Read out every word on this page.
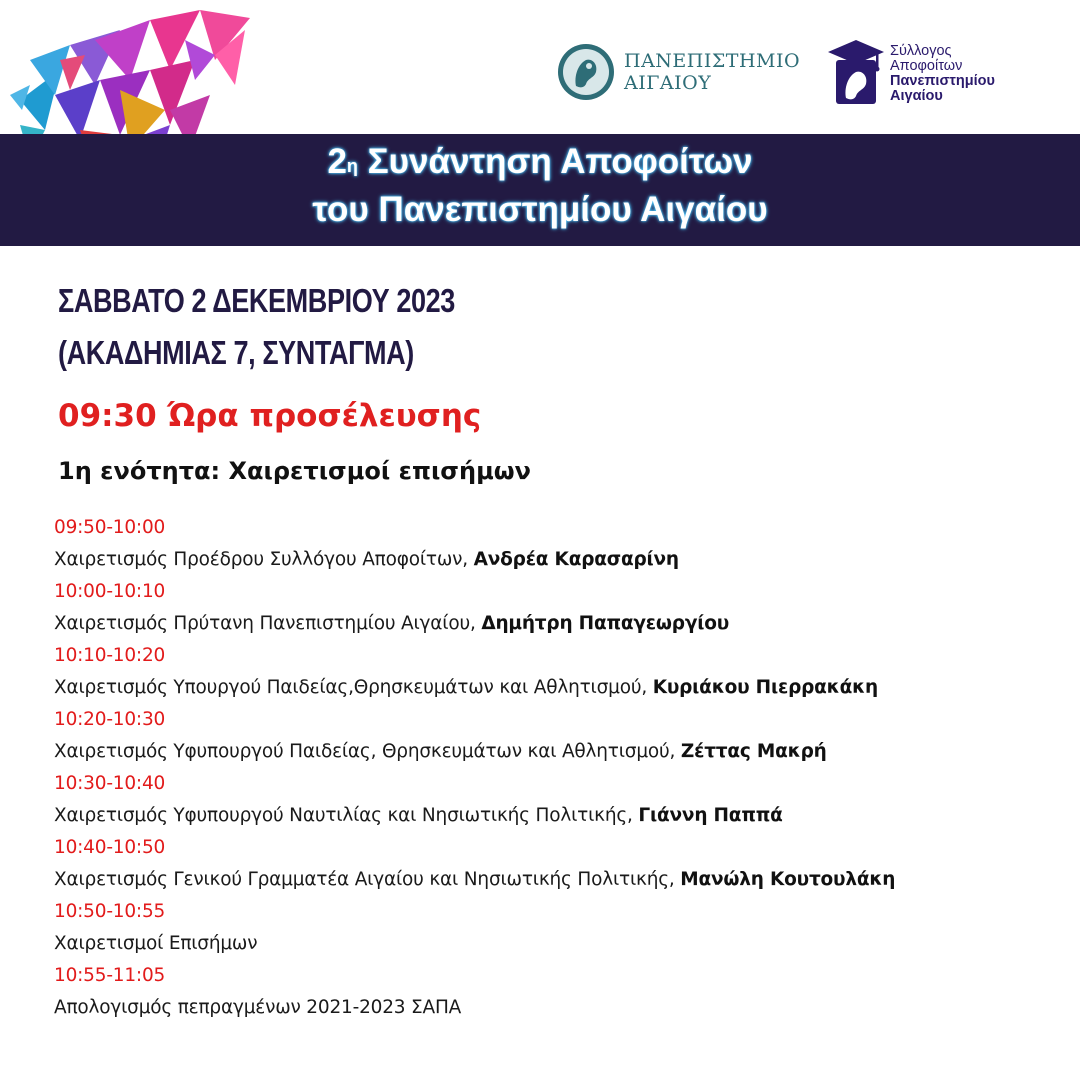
ΠΑΝΕΠΙΣΤΗΜΙΟ
ΑΙΓΑΙΟΥ
Σύλλογος
Αποφοίτων
Πανεπιστημίου
Αιγαίου
$2^\eta$ Συνάντηση Αποφοίτων
του Πανεπιστημίου Αιγαίου
ΣΑΒΒΑΤΟ 2 ΔΕΚΕΜΒΡΙΟΥ 2023
(ΑΚΑΔΗΜΙΑΣ 7, ΣΥΝΤΑΓΜΑ)
09:30 Ώρα προσέλευσης
1η ενότητα: Χαιρετισμοί επισήμων
09:50-10:00
Χαιρετισμός Προέδρου Συλλόγου Αποφοίτων, Ανδρέα Καρασαρίνη
10:00-10:10
Χαιρετισμός Πρύτανη Πανεπιστημίου Αιγαίου, Δημήτρη Παπαγεωργίου
10:10-10:20
Χαιρετισμός Υπουργού Παιδείας,Θρησκευμάτων και Αθλητισμού, Κυριάκου Πιερρακάκη
10:20-10:30
Χαιρετισμός Υφυπουργού Παιδείας, Θρησκευμάτων και Αθλητισμού, Ζέττας Μακρή
10:30-10:40
Χαιρετισμός Υφυπουργού Ναυτιλίας και Νησιωτικής Πολιτικής, Γιάννη Παππά
10:40-10:50
Χαιρετισμός Γενικού Γραμματέα Αιγαίου και Νησιωτικής Πολιτικής, Μανώλη Κουτουλάκη
10:50-10:55
Χαιρετισμοί Επισήμων
10:55-11:05
Απολογισμός πεπραγμένων 2021-2023 ΣΑΠΑ
